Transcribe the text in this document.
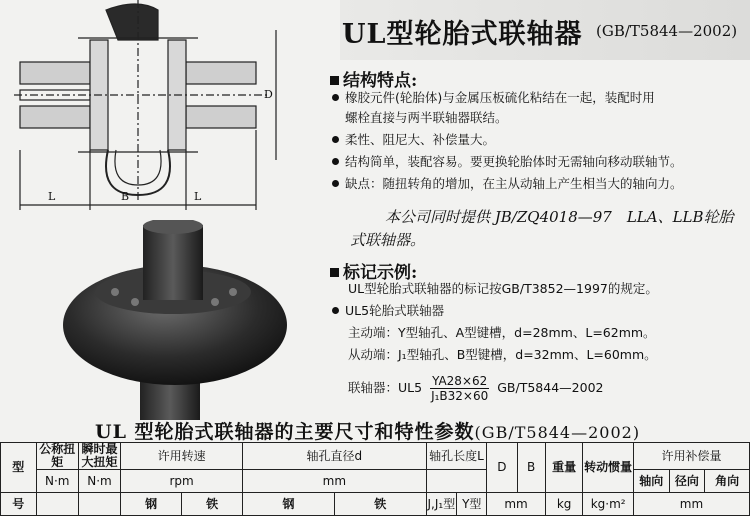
L	B	L
D
UL型轮胎式联轴器 (GB/T5844—2002)
结构特点:
橡胶元件(轮胎体)与金属压板硫化粘结在一起，装配时用
螺栓直接与两半联轴器联结。
柔性、阻尼大、补偿量大。
结构简单，装配容易。要更换轮胎体时无需轴向移动联轴节。
缺点：随扭转角的增加，在主从动轴上产生相当大的轴向力。
本公司同时提供 JB/ZQ4018—97　LLA、LLB轮胎
式联轴器。
标记示例:
UL型轮胎式联轴器的标记按GB/T3852—1997的规定。
UL5轮胎式联轴器
主动端：Y型轴孔、A型键槽，d=28mm、L=62mm。
从动端：J₁型轴孔、B型键槽，d=32mm、L=60mm。
联轴器：$UL5 \frac{YA28\times 62}{\text{J₁B32×60}}$ GB/T5844—2002
UL 型轮胎式联轴器的主要尺寸和特性参数(GB/T5844—2002)
型	公称扭矩	瞬时最大扭矩	许用转速		轴孔直径d		轴孔长度L		D	B	重量	转动惯量	许用补偿量		
	N·m	N·m	rpm		mm								轴向	径向	角向
号			钢	铁	钢	铁	J,J₁型	Y型	mm		kg	kg·m²	mm		
